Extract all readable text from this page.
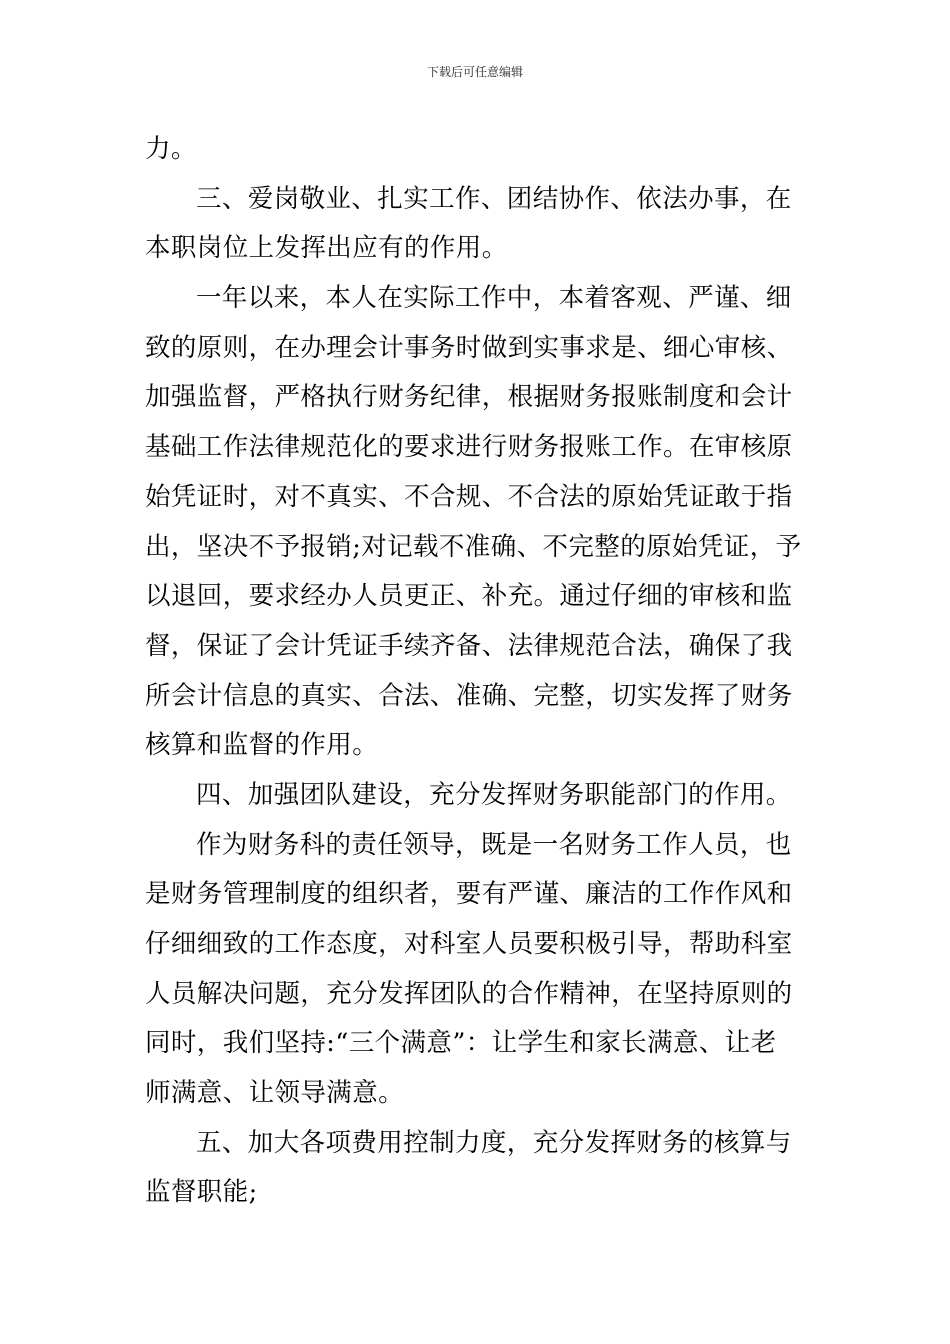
下载后可任意编辑
力。
三、爱岗敬业、扎实工作、团结协作、依法办事，在
本职岗位上发挥出应有的作用。
一年以来，本人在实际工作中，本着客观、严谨、细
致的原则，在办理会计事务时做到实事求是、细心审核、
加强监督，严格执行财务纪律，根据财务报账制度和会计
基础工作法律规范化的要求进行财务报账工作。在审核原
始凭证时，对不真实、不合规、不合法的原始凭证敢于指
出，坚决不予报销;对记载不准确、不完整的原始凭证，予
以退回，要求经办人员更正、补充。通过仔细的审核和监
督，保证了会计凭证手续齐备、法律规范合法，确保了我
所会计信息的真实、合法、准确、完整，切实发挥了财务
核算和监督的作用。
四、加强团队建设，充分发挥财务职能部门的作用。
作为财务科的责任领导，既是一名财务工作人员，也
是财务管理制度的组织者，要有严谨、廉洁的工作作风和
仔细细致的工作态度，对科室人员要积极引导，帮助科室
人员解决问题，充分发挥团队的合作精神，在坚持原则的
同时，我们坚持:“三个满意”：让学生和家长满意、让老
师满意、让领导满意。
五、加大各项费用控制力度，充分发挥财务的核算与
监督职能;
